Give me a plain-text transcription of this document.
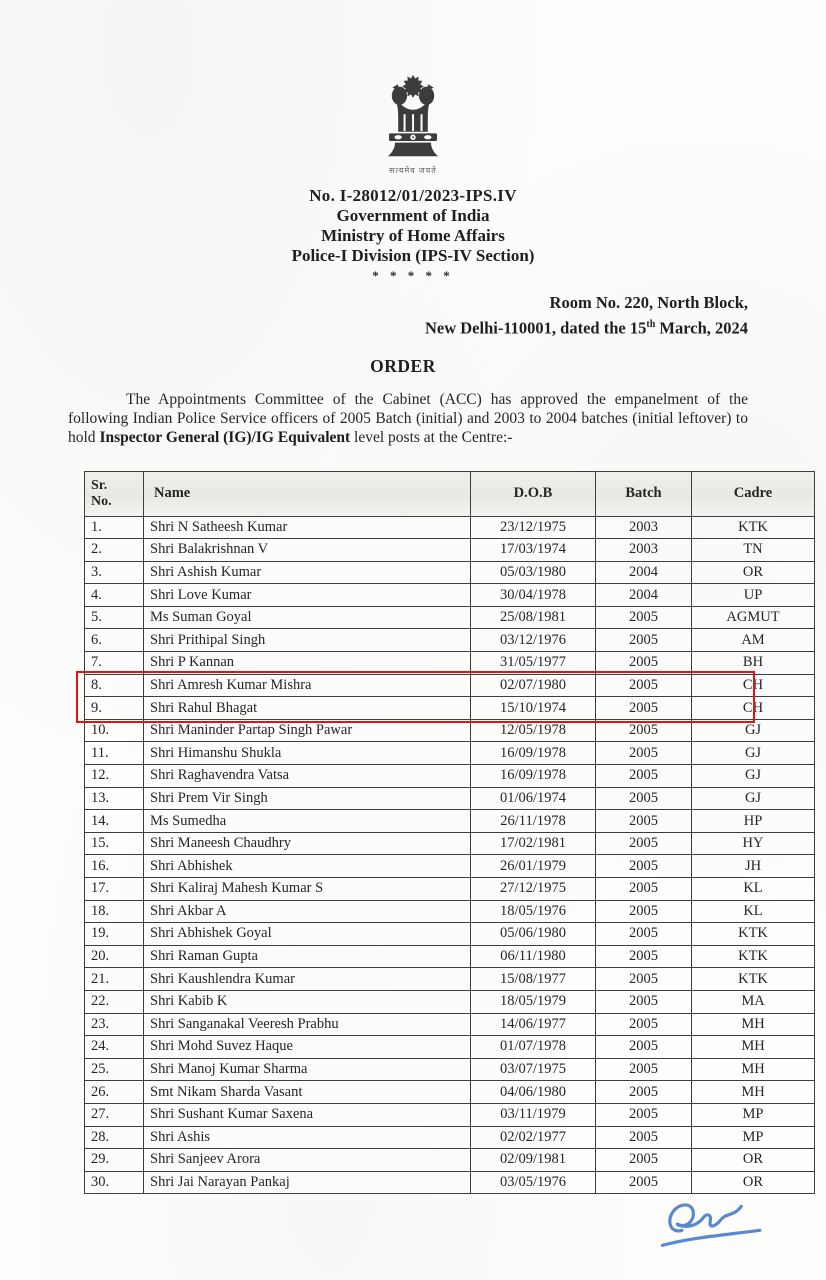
सत्यमेव जयते
No. I-28012/01/2023-IPS.IV
Government of India
Ministry of Home Affairs
Police-I Division (IPS-IV Section)
* * * * *
Room No. 220, North Block,
New Delhi-110001, dated the 15th March, 2024
ORDER

The Appointments Committee of the Cabinet (ACC) has approved the empanelment of the following Indian Police Service officers of 2005 Batch (initial) and 2003 to 2004 batches (initial leftover) to hold Inspector General (IG)/IG Equivalent level posts at the Centre:-

Sr.
No.	Name	D.O.B	Batch	Cadre
1.	Shri N Satheesh Kumar	23/12/1975	2003	KTK
2.	Shri Balakrishnan V	17/03/1974	2003	TN
3.	Shri Ashish Kumar	05/03/1980	2004	OR
4.	Shri Love Kumar	30/04/1978	2004	UP
5.	Ms Suman Goyal	25/08/1981	2005	AGMUT
6.	Shri Prithipal Singh	03/12/1976	2005	AM
7.	Shri P Kannan	31/05/1977	2005	BH
8.	Shri Amresh Kumar Mishra	02/07/1980	2005	CH
9.	Shri Rahul Bhagat	15/10/1974	2005	CH
10.	Shri Maninder Partap Singh Pawar	12/05/1978	2005	GJ
11.	Shri Himanshu Shukla	16/09/1978	2005	GJ
12.	Shri Raghavendra Vatsa	16/09/1978	2005	GJ
13.	Shri Prem Vir Singh	01/06/1974	2005	GJ
14.	Ms Sumedha	26/11/1978	2005	HP
15.	Shri Maneesh Chaudhry	17/02/1981	2005	HY
16.	Shri Abhishek	26/01/1979	2005	JH
17.	Shri Kaliraj Mahesh Kumar S	27/12/1975	2005	KL
18.	Shri Akbar A	18/05/1976	2005	KL
19.	Shri Abhishek Goyal	05/06/1980	2005	KTK
20.	Shri Raman Gupta	06/11/1980	2005	KTK
21.	Shri Kaushlendra Kumar	15/08/1977	2005	KTK
22.	Shri Kabib K	18/05/1979	2005	MA
23.	Shri Sanganakal Veeresh Prabhu	14/06/1977	2005	MH
24.	Shri Mohd Suvez Haque	01/07/1978	2005	MH
25.	Shri Manoj Kumar Sharma	03/07/1975	2005	MH
26.	Smt Nikam Sharda Vasant	04/06/1980	2005	MH
27.	Shri Sushant Kumar Saxena	03/11/1979	2005	MP
28.	Shri Ashis	02/02/1977	2005	MP
29.	Shri Sanjeev Arora	02/09/1981	2005	OR
30.	Shri Jai Narayan Pankaj	03/05/1976	2005	OR
